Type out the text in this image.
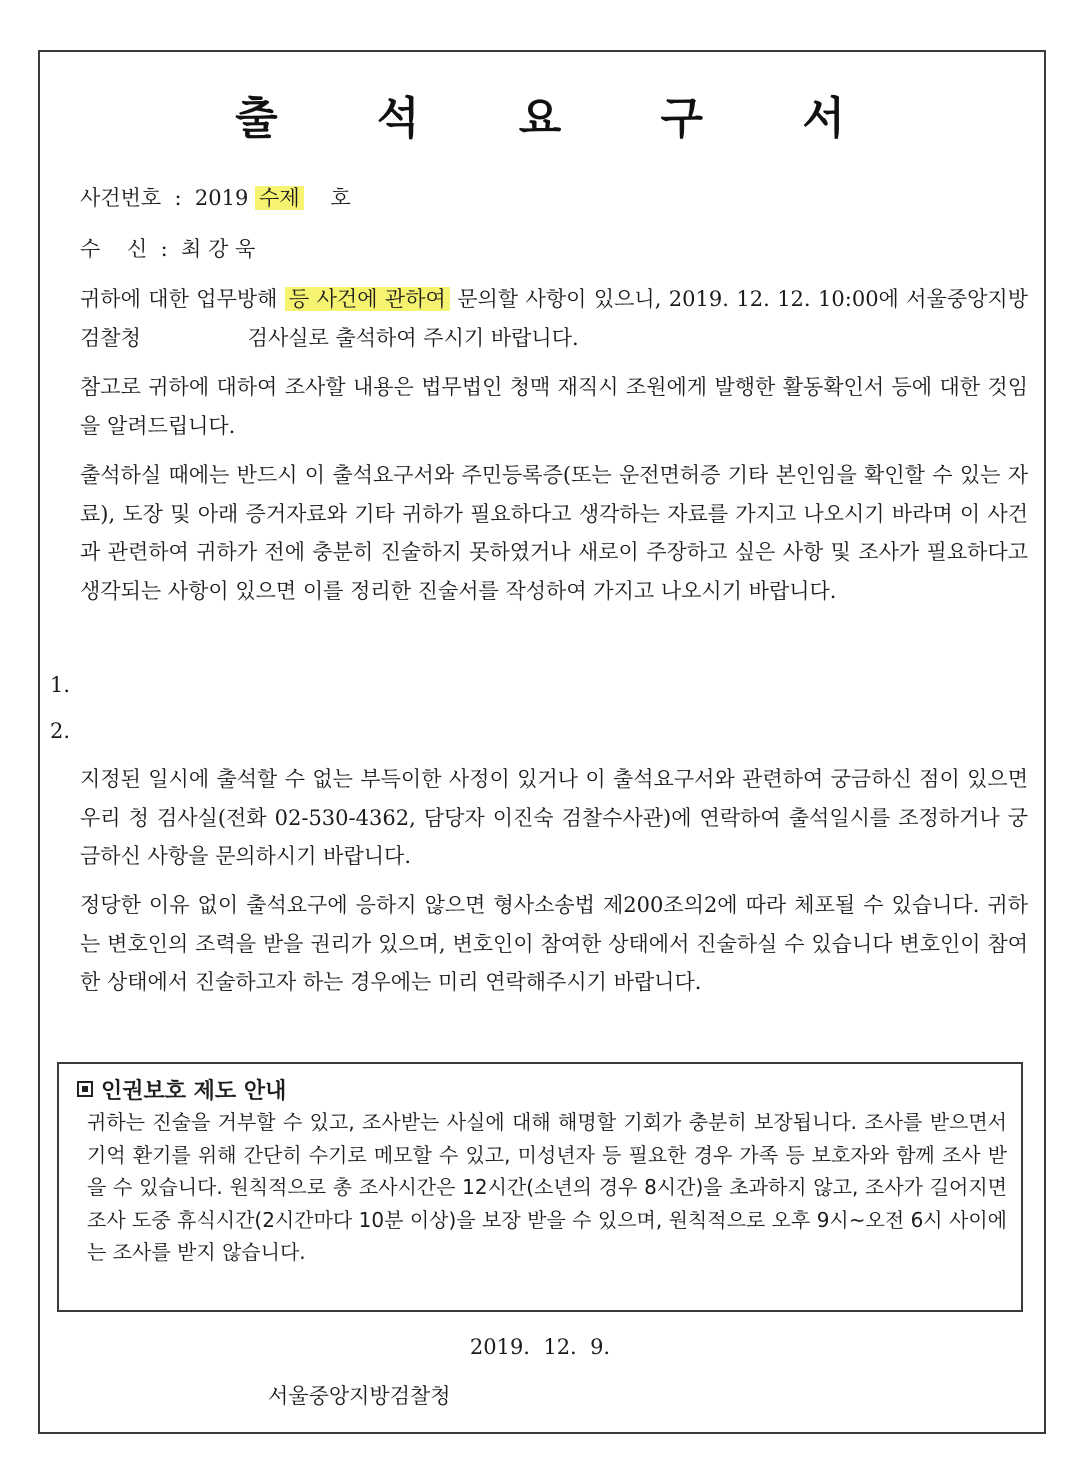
출 석 요 구 서
사건번호  :  2019 수제    호
수    신  :  최 강 욱
귀하에 대한 업무방해 등 사건에 관하여 문의할 사항이 있으니, 2019. 12. 12. 10:00에 서울중앙지방검찰청                검사실로 출석하여 주시기 바랍니다.
참고로 귀하에 대하여 조사할 내용은 법무법인 청맥 재직시 조원에게 발행한 활동확인서 등에 대한 것임을 알려드립니다.
출석하실 때에는 반드시 이 출석요구서와 주민등록증(또는 운전면허증 기타 본인임을 확인할 수 있는 자료), 도장 및 아래 증거자료와 기타 귀하가 필요하다고 생각하는 자료를 가지고 나오시기 바라며 이 사건과 관련하여 귀하가 전에 충분히 진술하지 못하였거나 새로이 주장하고 싶은 사항 및 조사가 필요하다고 생각되는 사항이 있으면 이를 정리한 진술서를 작성하여 가지고 나오시기 바랍니다.
1.
2.
지정된 일시에 출석할 수 없는 부득이한 사정이 있거나 이 출석요구서와 관련하여 궁금하신 점이 있으면 우리 청 검사실(전화 02-530-4362, 담당자 이진숙 검찰수사관)에 연락하여 출석일시를 조정하거나 궁금하신 사항을 문의하시기 바랍니다.
정당한 이유 없이 출석요구에 응하지 않으면 형사소송법 제200조의2에 따라 체포될 수 있습니다. 귀하는 변호인의 조력을 받을 권리가 있으며, 변호인이 참여한 상태에서 진술하실 수 있습니다 변호인이 참여한 상태에서 진술하고자 하는 경우에는 미리 연락해주시기 바랍니다.
인권보호 제도 안내
귀하는 진술을 거부할 수 있고, 조사받는 사실에 대해 해명할 기회가 충분히 보장됩니다. 조사를 받으면서 기억 환기를 위해 간단히 수기로 메모할 수 있고, 미성년자 등 필요한 경우 가족 등 보호자와 함께 조사 받을 수 있습니다. 원칙적으로 총 조사시간은 12시간(소년의 경우 8시간)을 초과하지 않고, 조사가 길어지면 조사 도중 휴식시간(2시간마다 10분 이상)을 보장 받을 수 있으며, 원칙적으로 오후 9시~오전 6시 사이에는 조사를 받지 않습니다.
2019.  12.  9.
서울중앙지방검찰청
